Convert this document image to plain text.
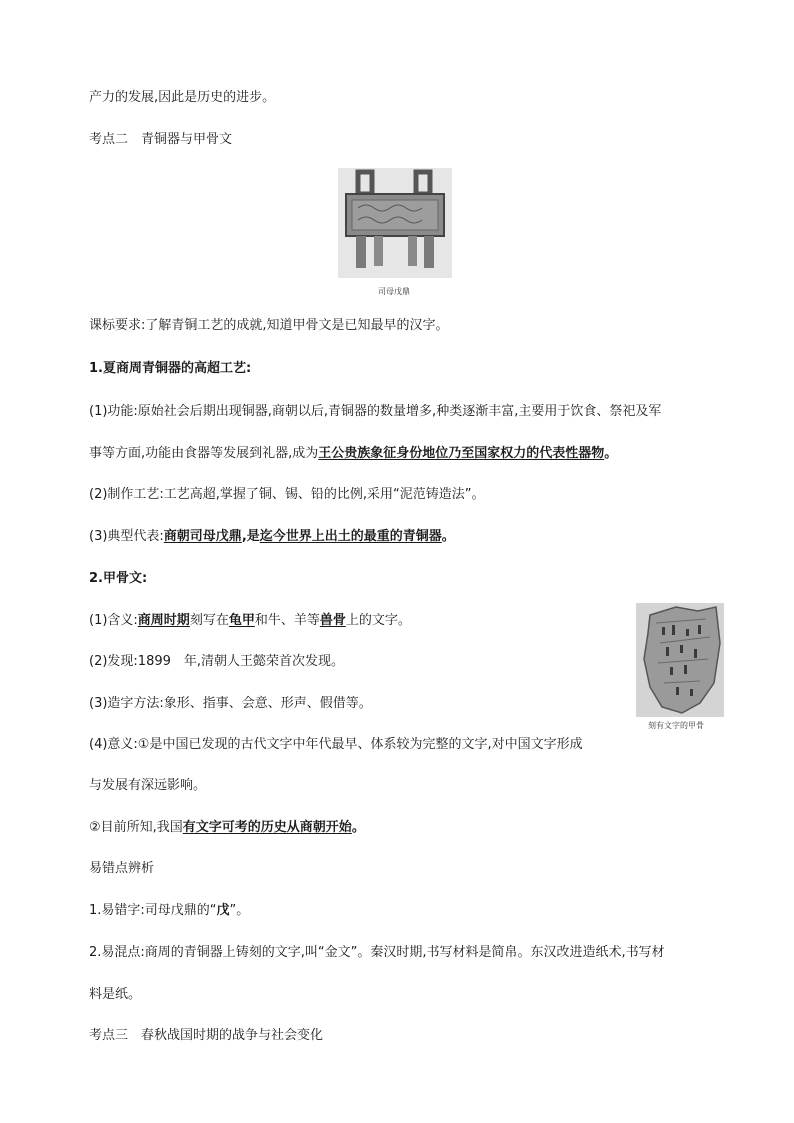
产力的发展,因此是历史的进步。
考点二　青铜器与甲骨文
司母戊鼎
课标要求:了解青铜工艺的成就,知道甲骨文是已知最早的汉字。
1.夏商周青铜器的高超工艺:
(1)功能:原始社会后期出现铜器,商朝以后,青铜器的数量增多,种类逐渐丰富,主要用于饮食、祭祀及军
事等方面,功能由食器等发展到礼器,成为王公贵族象征身份地位乃至国家权力的代表性器物。
(2)制作工艺:工艺高超,掌握了铜、锡、铅的比例,采用“泥范铸造法”。
(3)典型代表:商朝司母戊鼎,是迄今世界上出土的最重的青铜器。
2.甲骨文:
(1)含义:商周时期刻写在龟甲和牛、羊等兽骨上的文字。
(2)发现:1899　年,清朝人王懿荣首次发现。
(3)造字方法:象形、指事、会意、形声、假借等。
(4)意义:①是中国已发现的古代文字中年代最早、体系较为完整的文字,对中国文字形成
与发展有深远影响。
②目前所知,我国有文字可考的历史从商朝开始。
刻有文字的甲骨
易错点辨析
1.易错字:司母戊鼎的“戊”。
2.易混点:商周的青铜器上铸刻的文字,叫“金文”。秦汉时期,书写材料是简帛。东汉改进造纸术,书写材
料是纸。
考点三　春秋战国时期的战争与社会变化
